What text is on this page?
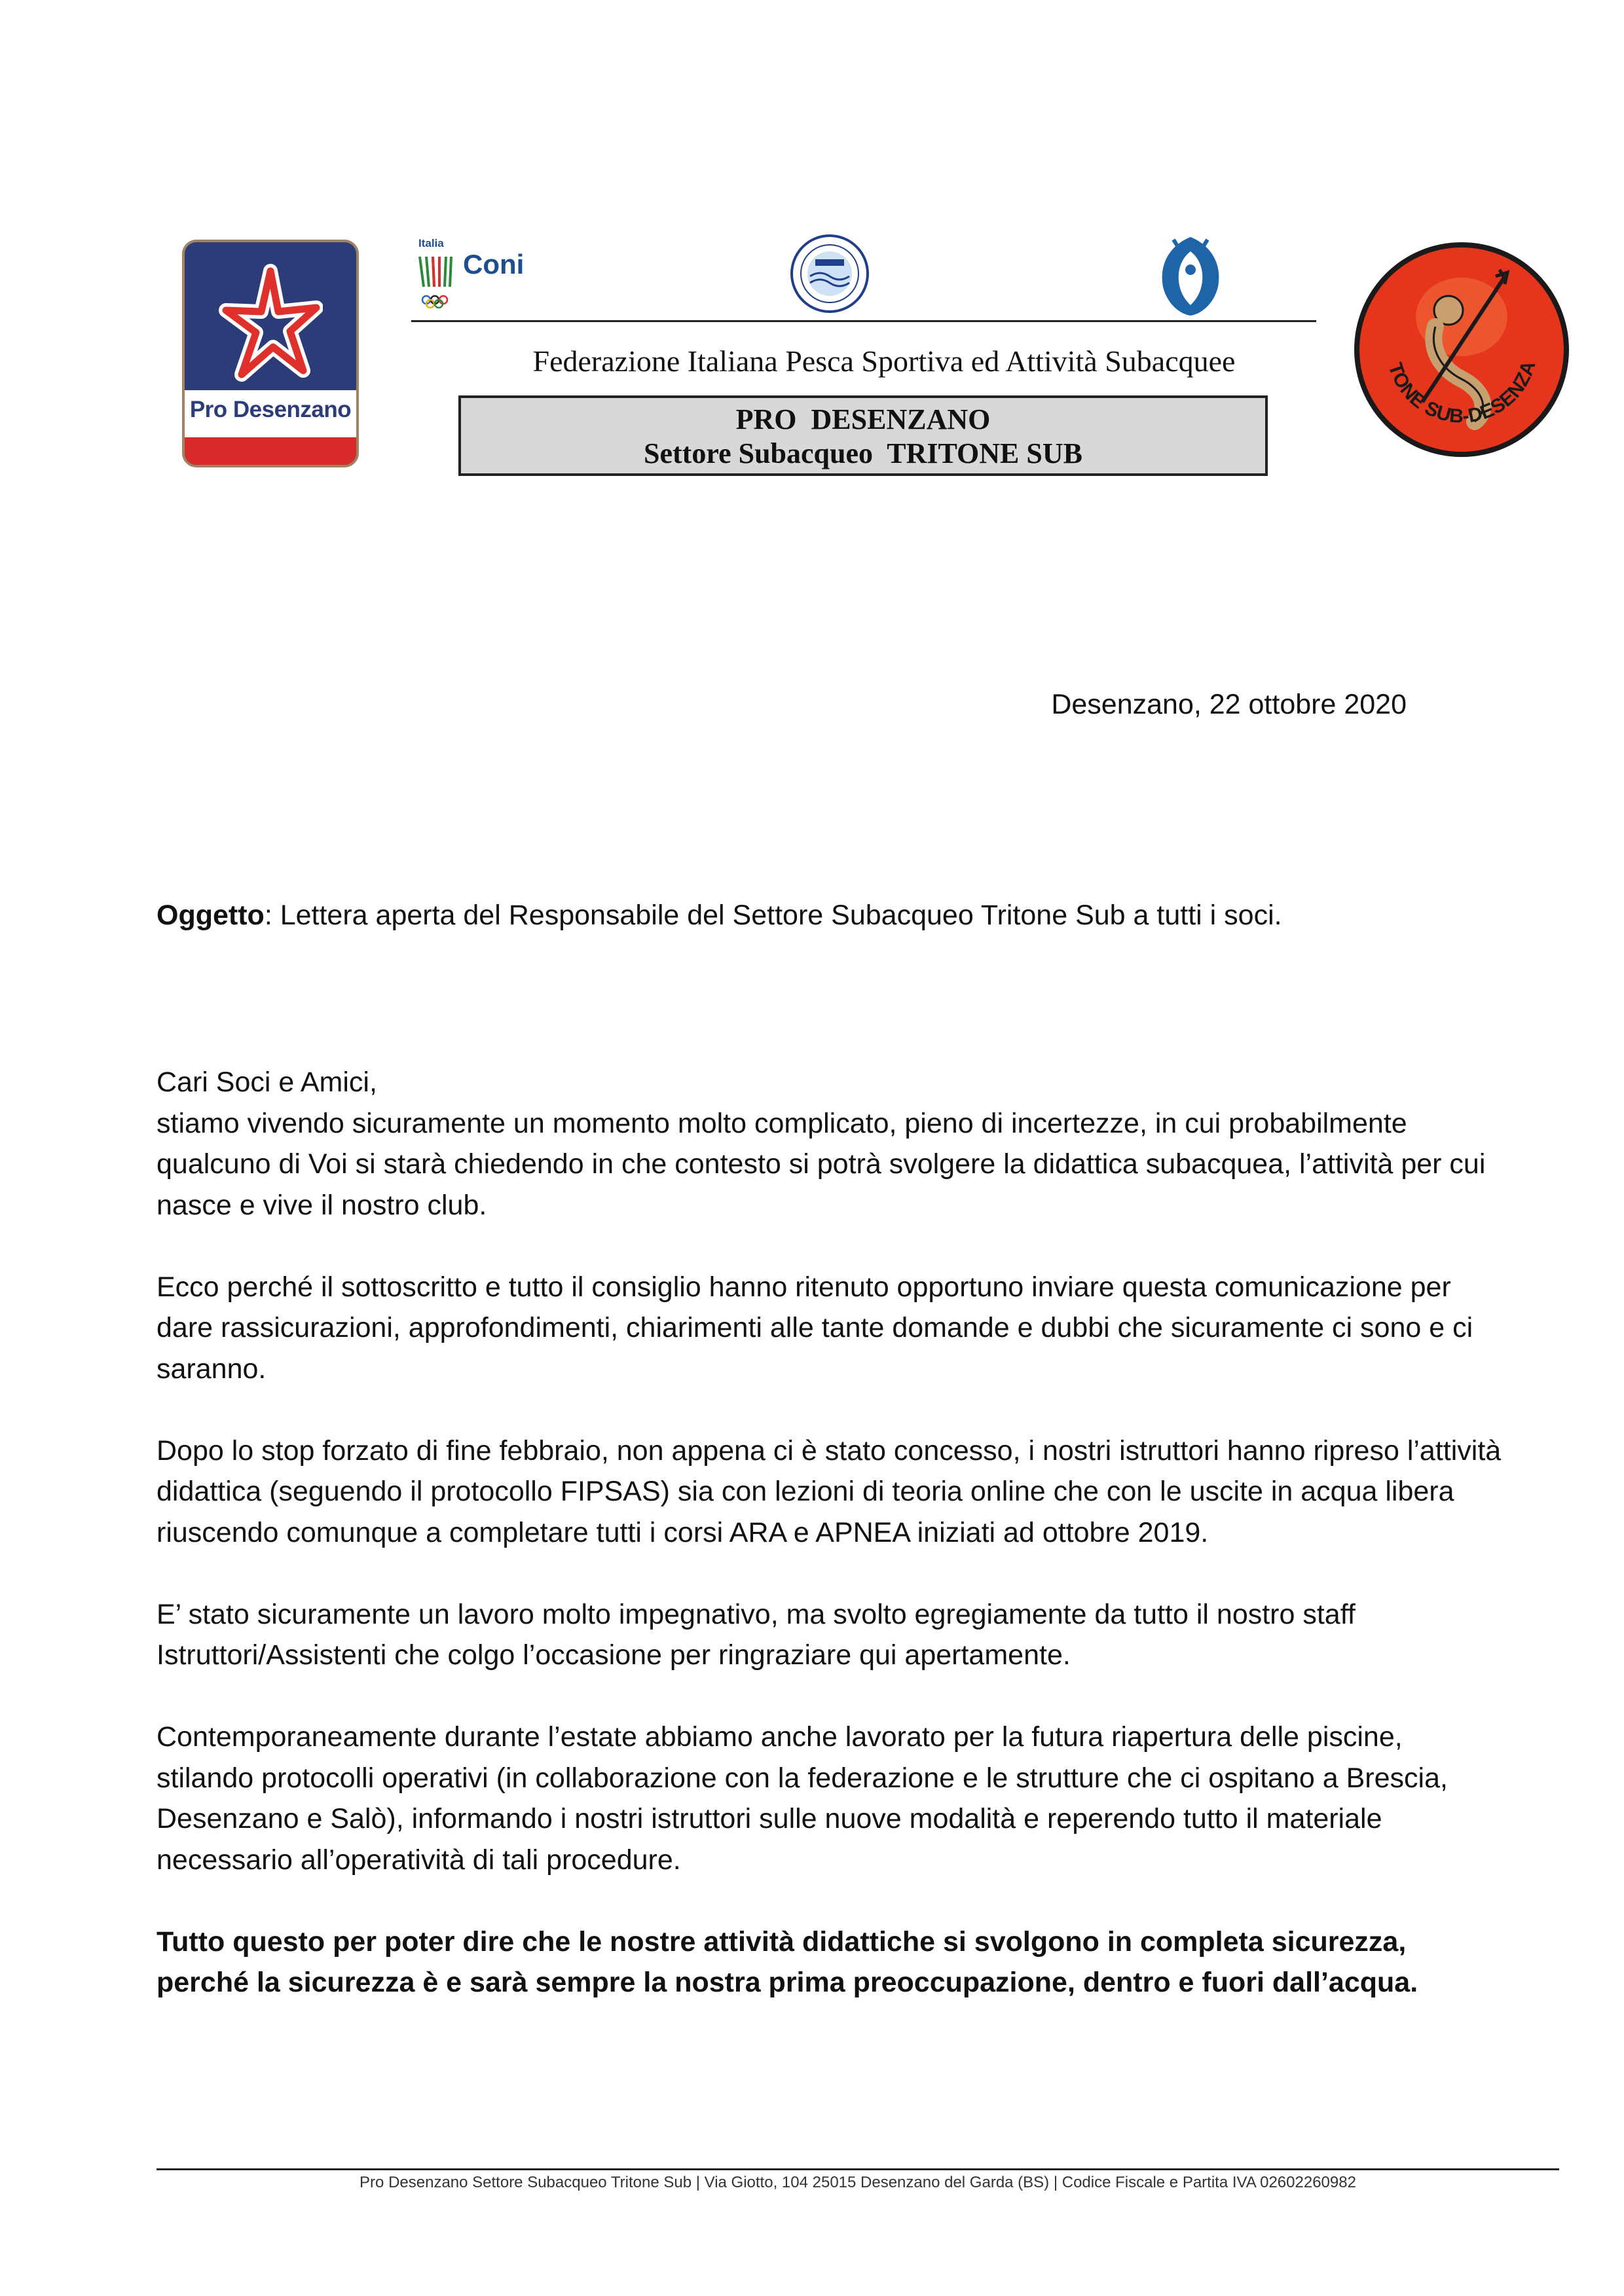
Pro Desenzano
Italia
Coni
TONE SUB-DESENZA
Federazione Italiana Pesca Sportiva ed Attività Subacquee
PRO  DESENZANO
Settore Subacqueo  TRITONE SUB
Desenzano, 22 ottobre 2020
Oggetto: Lettera aperta del Responsabile del Settore Subacqueo Tritone Sub a tutti i soci.

Cari Soci e Amici,
stiamo vivendo sicuramente un momento molto complicato, pieno di incertezze, in cui probabilmente qualcuno di Voi si starà chiedendo in che contesto si potrà svolgere la didattica subacquea, l’attività per cui nasce e vive il nostro club.

Ecco perché il sottoscritto e tutto il consiglio hanno ritenuto opportuno inviare questa comunicazione per dare rassicurazioni, approfondimenti, chiarimenti alle tante domande e dubbi che sicuramente ci sono e ci saranno.

Dopo lo stop forzato di fine febbraio, non appena ci è stato concesso, i nostri istruttori hanno ripreso l’attività didattica (seguendo il protocollo FIPSAS) sia con lezioni di teoria online che con le uscite in acqua libera riuscendo comunque a completare tutti i corsi ARA e APNEA iniziati ad ottobre 2019.

E’ stato sicuramente un lavoro molto impegnativo, ma svolto egregiamente da tutto il nostro staff Istruttori/Assistenti che colgo l’occasione per ringraziare qui apertamente.

Contemporaneamente durante l’estate abbiamo anche lavorato per la futura riapertura delle piscine, stilando protocolli operativi (in collaborazione con la federazione e le strutture che ci ospitano a Brescia, Desenzano e Salò), informando i nostri istruttori sulle nuove modalità e reperendo tutto il materiale necessario all’operatività di tali procedure.

Tutto questo per poter dire che le nostre attività didattiche si svolgono in completa sicurezza, perché la sicurezza è e sarà sempre la nostra prima preoccupazione, dentro e fuori dall’acqua.

Pro Desenzano Settore Subacqueo Tritone Sub | Via Giotto, 104 25015 Desenzano del Garda (BS) | Codice Fiscale e Partita IVA 02602260982
